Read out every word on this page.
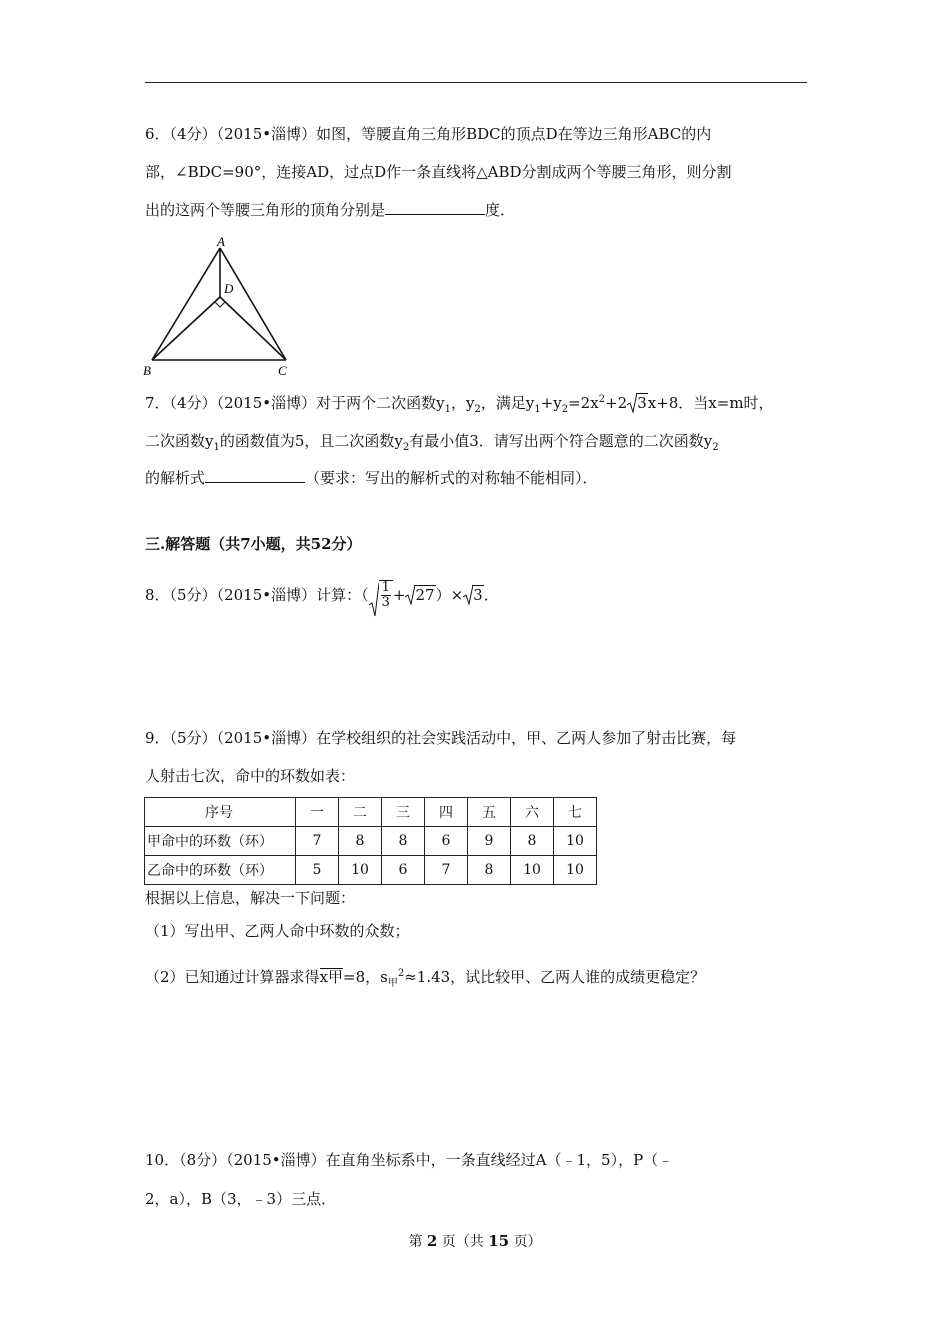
6．（4分）（2015•淄博）如图，等腰直角三角形BDC的顶点D在等边三角形ABC的内
部，∠BDC=90°，连接AD，过点D作一条直线将△ABD分割成两个等腰三角形，则分割
出的这两个等腰三角形的顶角分别是	度．
A
D
B	C
7．（4分）（2015•淄博）对于两个二次函数$y_1$，$y_2$，满足$y_1+y_2=2x^2+2$ 3x+8．当x=m时，
二次函数$y_1$的函数值为5，且二次函数$y_2$有最小值3．请写出两个符合题意的二次函数$y_2$
的解析式	（要求：写出的解析式的对称轴不能相同）．
三.解答题（共7小题，共52分）
8．（5分）（2015•淄博）计算：（ $\frac{1}{3} + 27)\times 3$．
9．（5分）（2015•淄博）在学校组织的社会实践活动中，甲、乙两人参加了射击比赛，每
人射击七次，命中的环数如表：
序号	一	二	三	四	五	六	七
甲命中的环数（环）	7	8	8	6	9	8	10
乙命中的环数（环）	5	10	6	7	8	10	10
根据以上信息，解决一下问题：
（1）写出甲、乙两人命中环数的众数；
（2）已知通过计算器求得x甲=8，$s_甲^2\approx 1.43$，试比较甲、乙两人谁的成绩更稳定？
10．（8分）（2015•淄博）在直角坐标系中，一条直线经过A（﹣1，5），P（﹣
2，a），B（3，﹣3）三点．
第 2 页（共 15 页）
